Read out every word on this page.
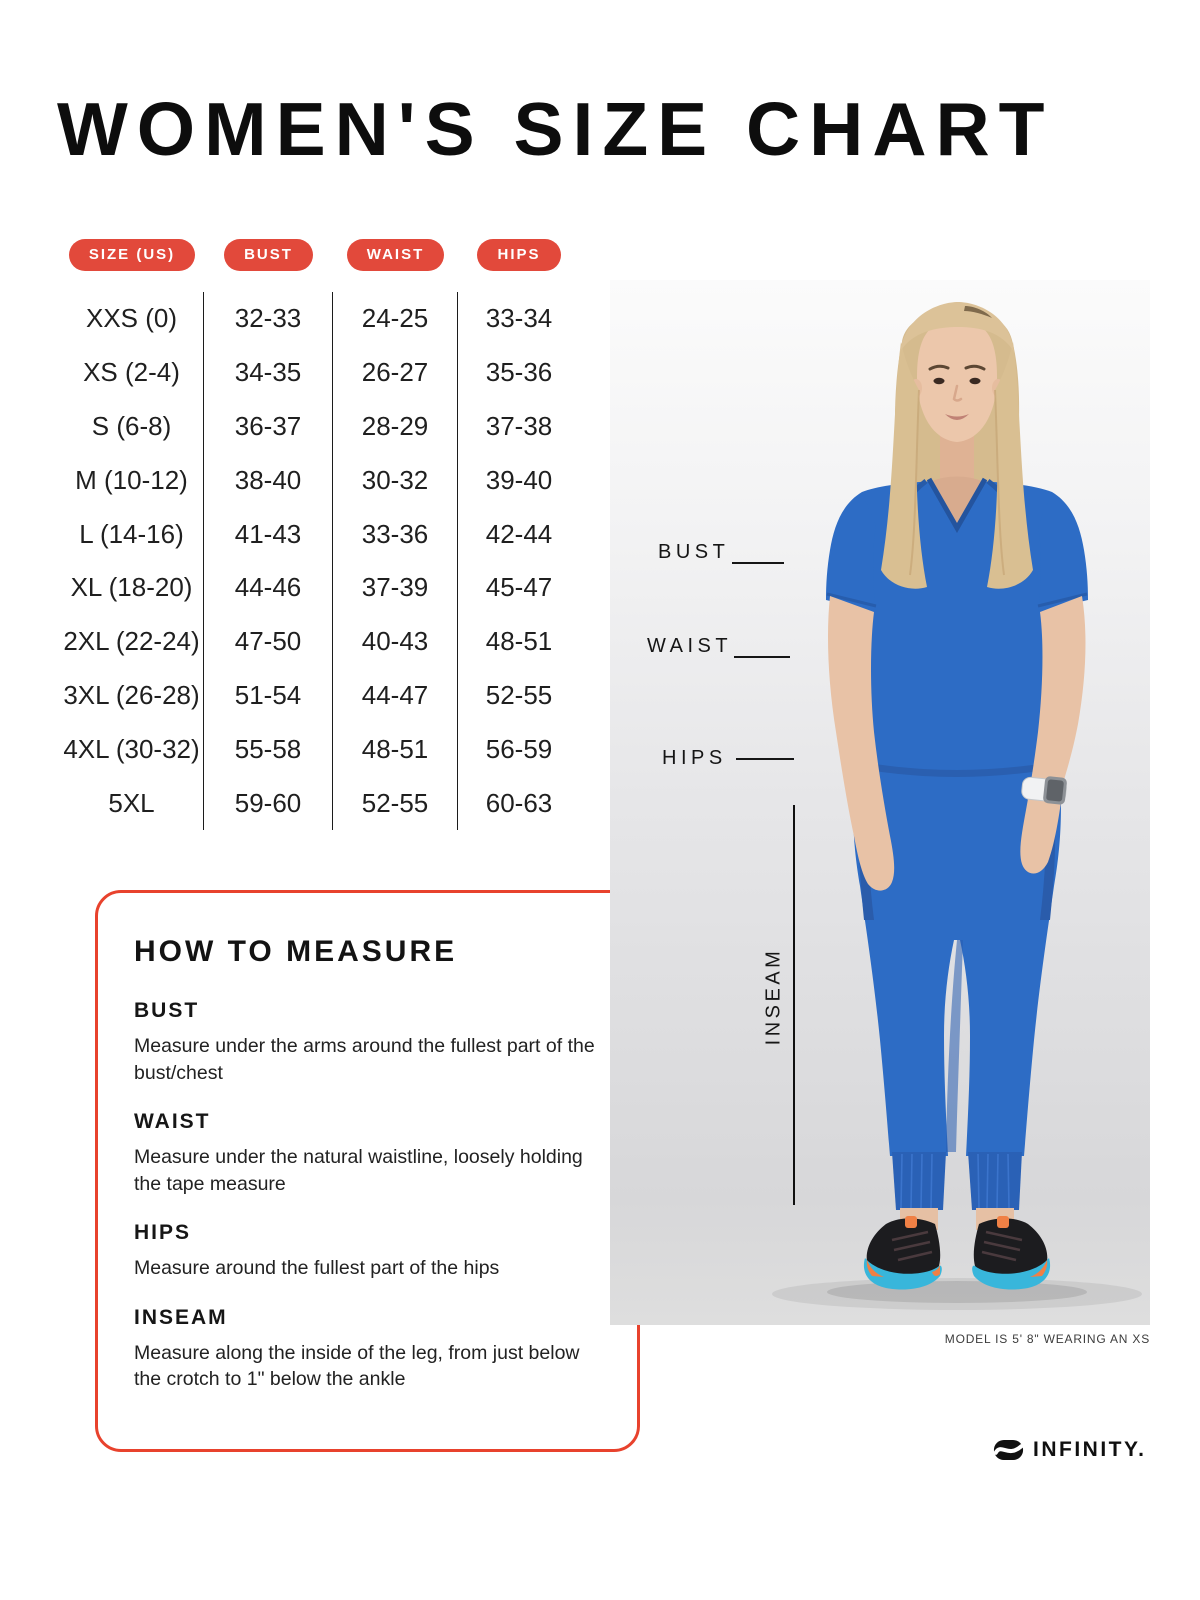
WOMEN'S SIZE CHART
SIZE (US)	BUST	WAIST	HIPS
XXS (0)	32-33	24-25	33-34
XS (2-4)	34-35	26-27	35-36
S (6-8)	36-37	28-29	37-38
M (10-12)	38-40	30-32	39-40
L (14-16)	41-43	33-36	42-44
XL (18-20)	44-46	37-39	45-47
2XL (22-24)	47-50	40-43	48-51
3XL (26-28)	51-54	44-47	52-55
4XL (30-32)	55-58	48-51	56-59
5XL	59-60	52-55	60-63

HOW TO MEASURE

BUST

Measure under the arms around the fullest part of the bust/chest

WAIST

Measure under the natural waistline, loosely holding the tape measure

HIPS

Measure around the fullest part of the hips

INSEAM

Measure along the inside of the leg, from just below the crotch to 1" below the ankle

BUST
WAIST
HIPS
INSEAM
MODEL IS 5' 8" WEARING AN XS
INFINITY.
